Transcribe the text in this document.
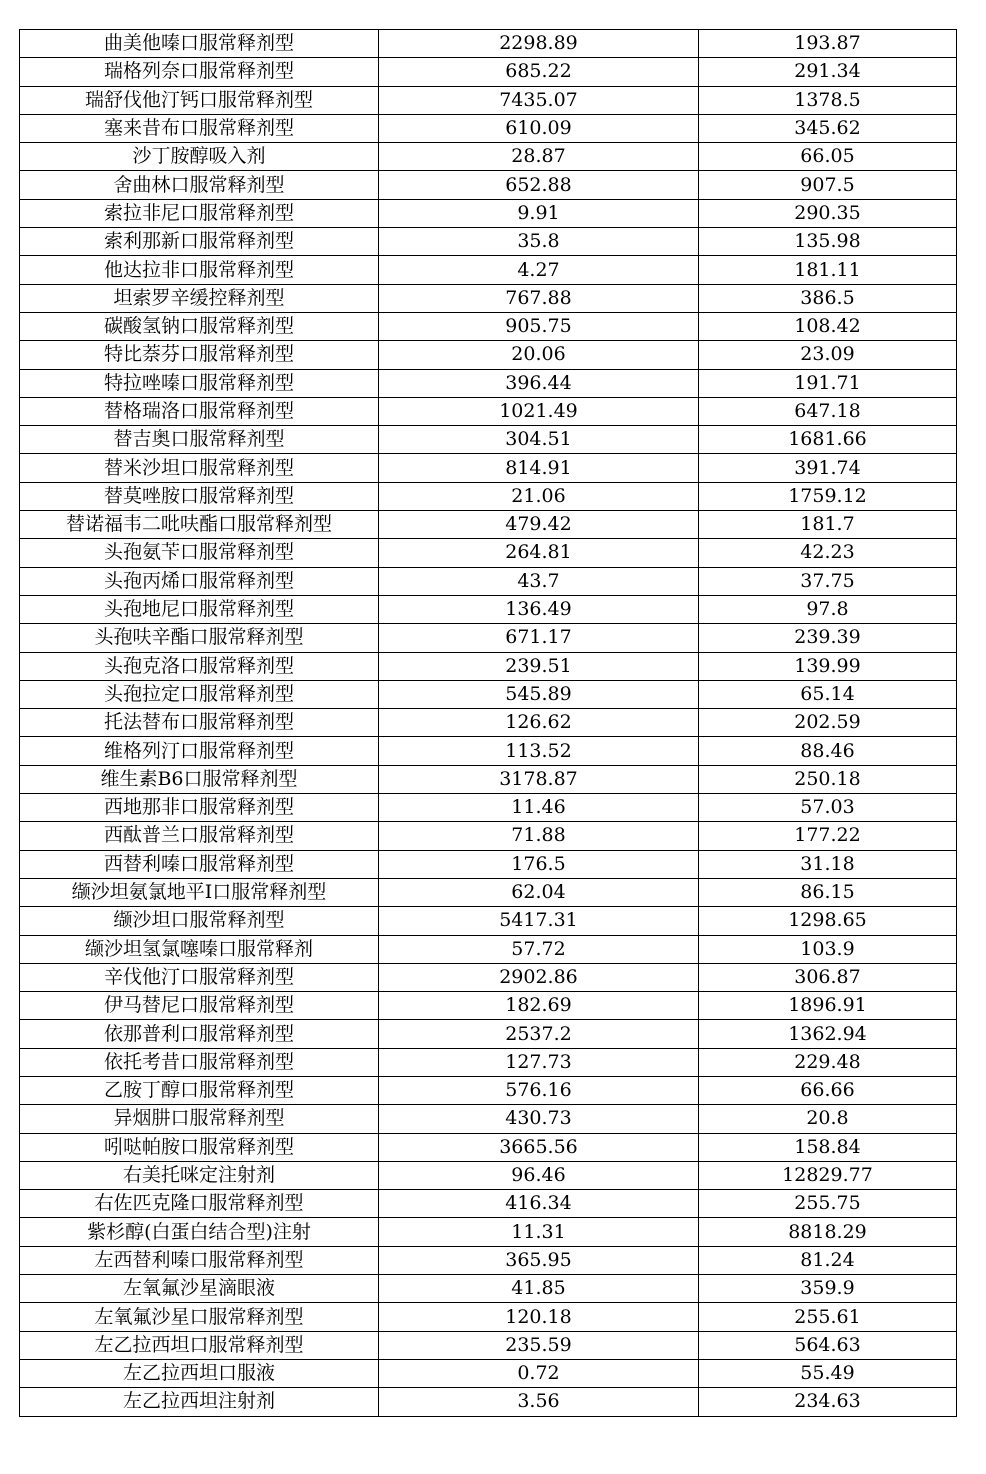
曲美他嗪口服常释剂型	2298.89	193.87
瑞格列奈口服常释剂型	685.22	291.34
瑞舒伐他汀钙口服常释剂型	7435.07	1378.5
塞来昔布口服常释剂型	610.09	345.62
沙丁胺醇吸入剂	28.87	66.05
舍曲林口服常释剂型	652.88	907.5
索拉非尼口服常释剂型	9.91	290.35
索利那新口服常释剂型	35.8	135.98
他达拉非口服常释剂型	4.27	181.11
坦索罗辛缓控释剂型	767.88	386.5
碳酸氢钠口服常释剂型	905.75	108.42
特比萘芬口服常释剂型	20.06	23.09
特拉唑嗪口服常释剂型	396.44	191.71
替格瑞洛口服常释剂型	1021.49	647.18
替吉奥口服常释剂型	304.51	1681.66
替米沙坦口服常释剂型	814.91	391.74
替莫唑胺口服常释剂型	21.06	1759.12
替诺福韦二吡呋酯口服常释剂型	479.42	181.7
头孢氨苄口服常释剂型	264.81	42.23
头孢丙烯口服常释剂型	43.7	37.75
头孢地尼口服常释剂型	136.49	97.8
头孢呋辛酯口服常释剂型	671.17	239.39
头孢克洛口服常释剂型	239.51	139.99
头孢拉定口服常释剂型	545.89	65.14
托法替布口服常释剂型	126.62	202.59
维格列汀口服常释剂型	113.52	88.46
维生素B6口服常释剂型	3178.87	250.18
西地那非口服常释剂型	11.46	57.03
西酞普兰口服常释剂型	71.88	177.22
西替利嗪口服常释剂型	176.5	31.18
缬沙坦氨氯地平Ⅰ口服常释剂型	62.04	86.15
缬沙坦口服常释剂型	5417.31	1298.65
缬沙坦氢氯噻嗪口服常释剂	57.72	103.9
辛伐他汀口服常释剂型	2902.86	306.87
伊马替尼口服常释剂型	182.69	1896.91
依那普利口服常释剂型	2537.2	1362.94
依托考昔口服常释剂型	127.73	229.48
乙胺丁醇口服常释剂型	576.16	66.66
异烟肼口服常释剂型	430.73	20.8
吲哒帕胺口服常释剂型	3665.56	158.84
右美托咪定注射剂	96.46	12829.77
右佐匹克隆口服常释剂型	416.34	255.75
紫杉醇(白蛋白结合型)注射	11.31	8818.29
左西替利嗪口服常释剂型	365.95	81.24
左氧氟沙星滴眼液	41.85	359.9
左氧氟沙星口服常释剂型	120.18	255.61
左乙拉西坦口服常释剂型	235.59	564.63
左乙拉西坦口服液	0.72	55.49
左乙拉西坦注射剂	3.56	234.63
